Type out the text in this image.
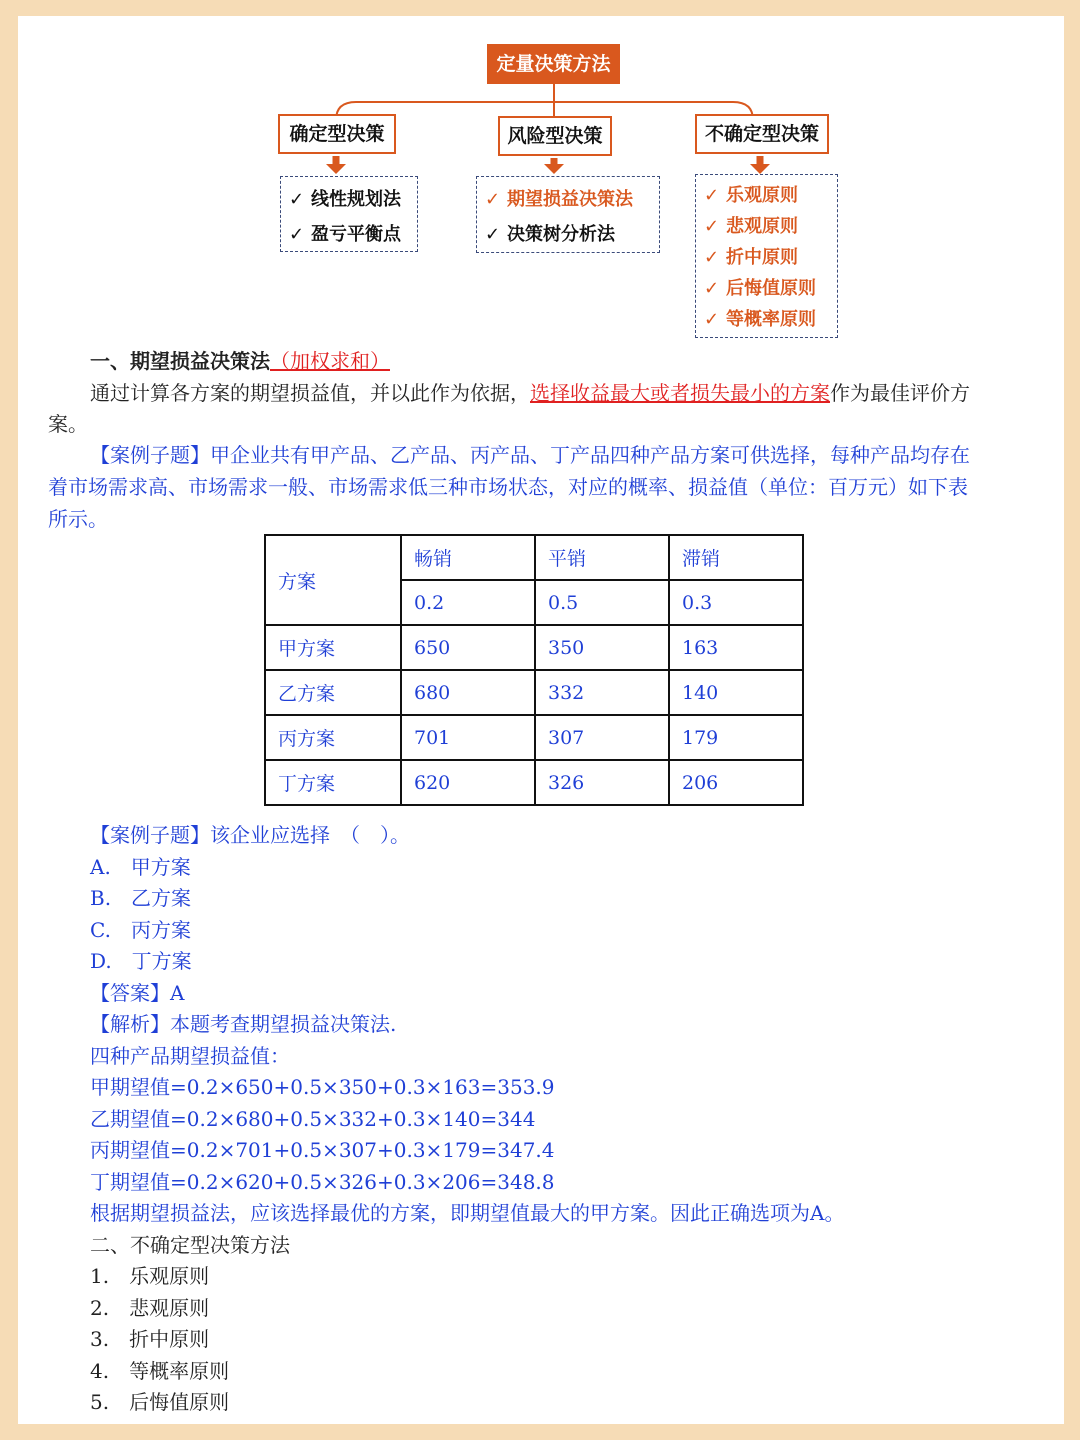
定量决策方法
确定型决策	风险型决策	不确定型决策
✓ 线性规划法
✓ 盈亏平衡点
✓ 期望损益决策法
✓ 决策树分析法
✓ 乐观原则
✓ 悲观原则
✓ 折中原则
✓ 后悔值原则
✓ 等概率原则
一、期望损益决策法（加权求和）
通过计算各方案的期望损益值，并以此作为依据，选择收益最大或者损失最小的方案作为最佳评价方
案。
【案例子题】甲企业共有甲产品、乙产品、丙产品、丁产品四种产品方案可供选择，每种产品均存在
着市场需求高、市场需求一般、市场需求低三种市场状态，对应的概率、损益值（单位：百万元）如下表
所示。
方案	畅销	平销	滞销
	0.2	0.5	0.3
甲方案	650	350	163
乙方案	680	332	140
丙方案	701	307	179
丁方案	620	326	206
【案例子题】该企业应选择　（　）。
A.　甲方案
B.　乙方案
C.　丙方案
D.　丁方案
【答案】A
【解析】本题考查期望损益决策法.
四种产品期望损益值：
甲期望值=0.2×650+0.5×350+0.3×163=353.9
乙期望值=0.2×680+0.5×332+0.3×140=344
丙期望值=0.2×701+0.5×307+0.3×179=347.4
丁期望值=0.2×620+0.5×326+0.3×206=348.8
根据期望损益法，应该选择最优的方案，即期望值最大的甲方案。因此正确选项为A。
二、不确定型决策方法
1.　乐观原则
2.　悲观原则
3.　折中原则
4.　等概率原则
5.　后悔值原则
